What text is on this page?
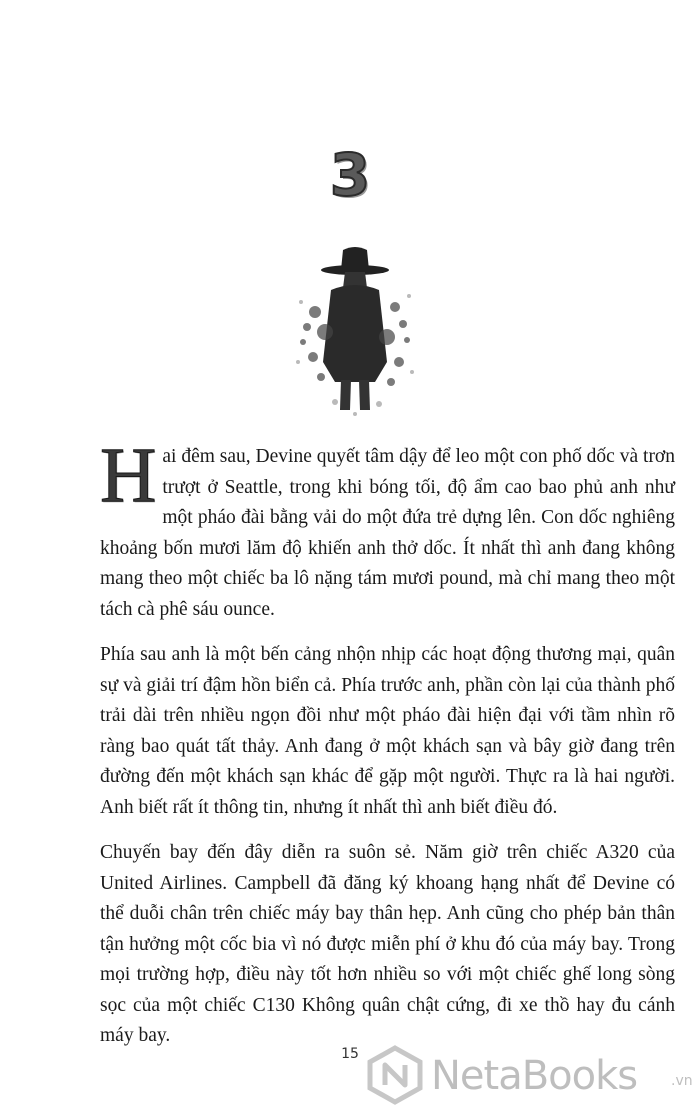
3

Hai đêm sau, Devine quyết tâm dậy để leo một con phố dốc và trơn trượt ở Seattle, trong khi bóng tối, độ ẩm cao bao phủ anh như một pháo đài bằng vải do một đứa trẻ dựng lên. Con dốc nghiêng khoảng bốn mươi lăm độ khiến anh thở dốc. Ít nhất thì anh đang không mang theo một chiếc ba lô nặng tám mươi pound, mà chỉ mang theo một tách cà phê sáu ounce.

Phía sau anh là một bến cảng nhộn nhịp các hoạt động thương mại, quân sự và giải trí đậm hồn biển cả. Phía trước anh, phần còn lại của thành phố trải dài trên nhiều ngọn đồi như một pháo đài hiện đại với tầm nhìn rõ ràng bao quát tất thảy. Anh đang ở một khách sạn và bây giờ đang trên đường đến một khách sạn khác để gặp một người. Thực ra là hai người. Anh biết rất ít thông tin, nhưng ít nhất thì anh biết điều đó.

Chuyến bay đến đây diễn ra suôn sẻ. Năm giờ trên chiếc A320 của United Airlines. Campbell đã đăng ký khoang hạng nhất để Devine có thể duỗi chân trên chiếc máy bay thân hẹp. Anh cũng cho phép bản thân tận hưởng một cốc bia vì nó được miễn phí ở khu đó của máy bay. Trong mọi trường hợp, điều này tốt hơn nhiều so với một chiếc ghế long sòng sọc của một chiếc C130 Không quân chật cứng, đi xe thồ hay đu cánh máy bay.

15	NetaBooks .vn
